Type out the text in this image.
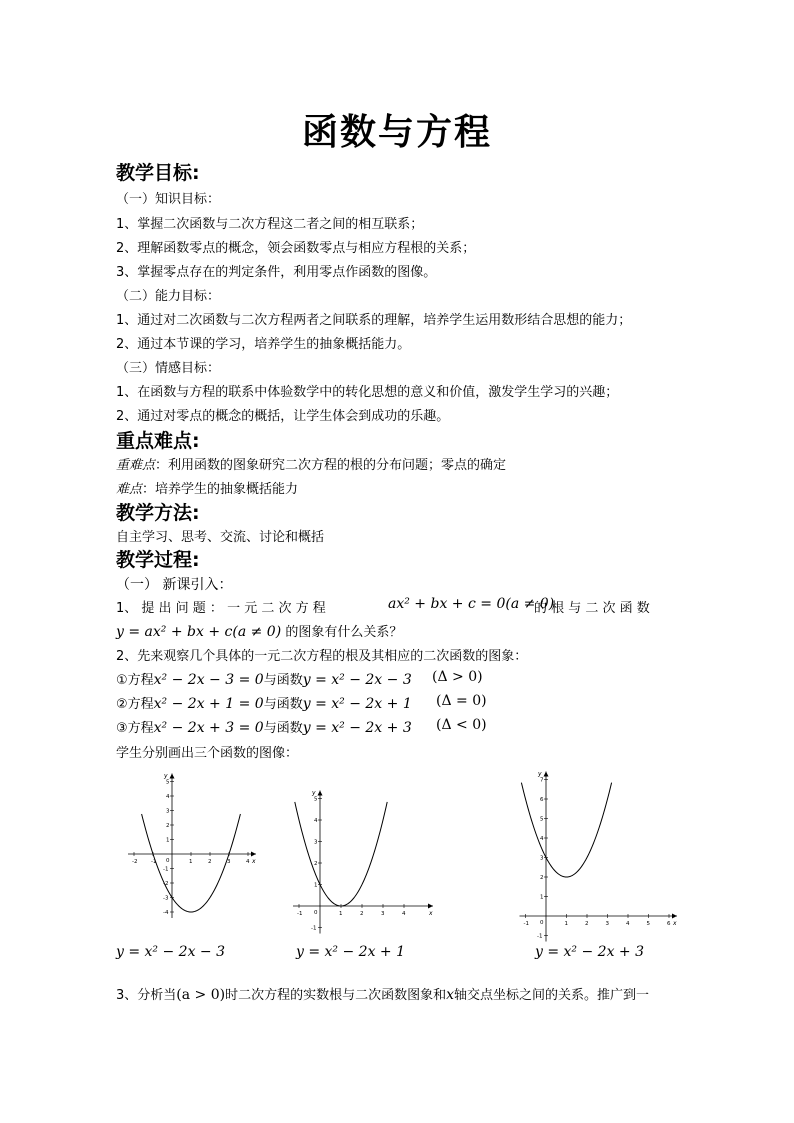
函数与方程
教学目标:
（一）知识目标：
1、掌握二次函数与二次方程这二者之间的相互联系；
2、理解函数零点的概念，领会函数零点与相应方程根的关系；
3、掌握零点存在的判定条件，利用零点作函数的图像。
（二）能力目标：
1、通过对二次函数与二次方程两者之间联系的理解，培养学生运用数形结合思想的能力；
2、通过本节课的学习，培养学生的抽象概括能力。
（三）情感目标：
1、在函数与方程的联系中体验数学中的转化思想的意义和价值，激发学生学习的兴趣；
2、通过对零点的概念的概括，让学生体会到成功的乐趣。
重点难点:
重难点：利用函数的图象研究二次方程的根的分布问题；零点的确定
难点：培养学生的抽象概括能力
教学方法:
自主学习、思考、交流、讨论和概括
教学过程:
（一） 新课引入：
1、 提 出 问 题 ： 一 元 二 次 方 程	ax² + bx + c = 0(a ≠ 0)
的 根 与 二 次 函 数
y = ax² + bx + c(a ≠ 0) 的图象有什么关系？
2、先来观察几个具体的一元二次方程的根及其相应的二次函数的图象：
①方程x² − 2x − 3 = 0与函数y = x² − 2x − 3 (Δ > 0)
②方程x² − 2x + 1 = 0与函数y = x² − 2x + 1 (Δ = 0)
③方程x² − 2x + 3 = 0与函数y = x² − 2x + 3 (Δ < 0)
学生分别画出三个函数的图像：
x
y
-2 -1	1	2	3	4
-4
-3
-2
-1
1
2
3
4
5
0
x
y
-1	1	2	3	4
-1
1
2
3
4
5
0
x
y
-1	1	2	3	4	5	6
-1
1
2
3
4
5
6
7
0
y = x² − 2x − 3	y = x² − 2x + 1	y = x² − 2x + 3
3、分析当(a > 0)时二次方程的实数根与二次函数图象和x轴交点坐标之间的关系。推广到一
